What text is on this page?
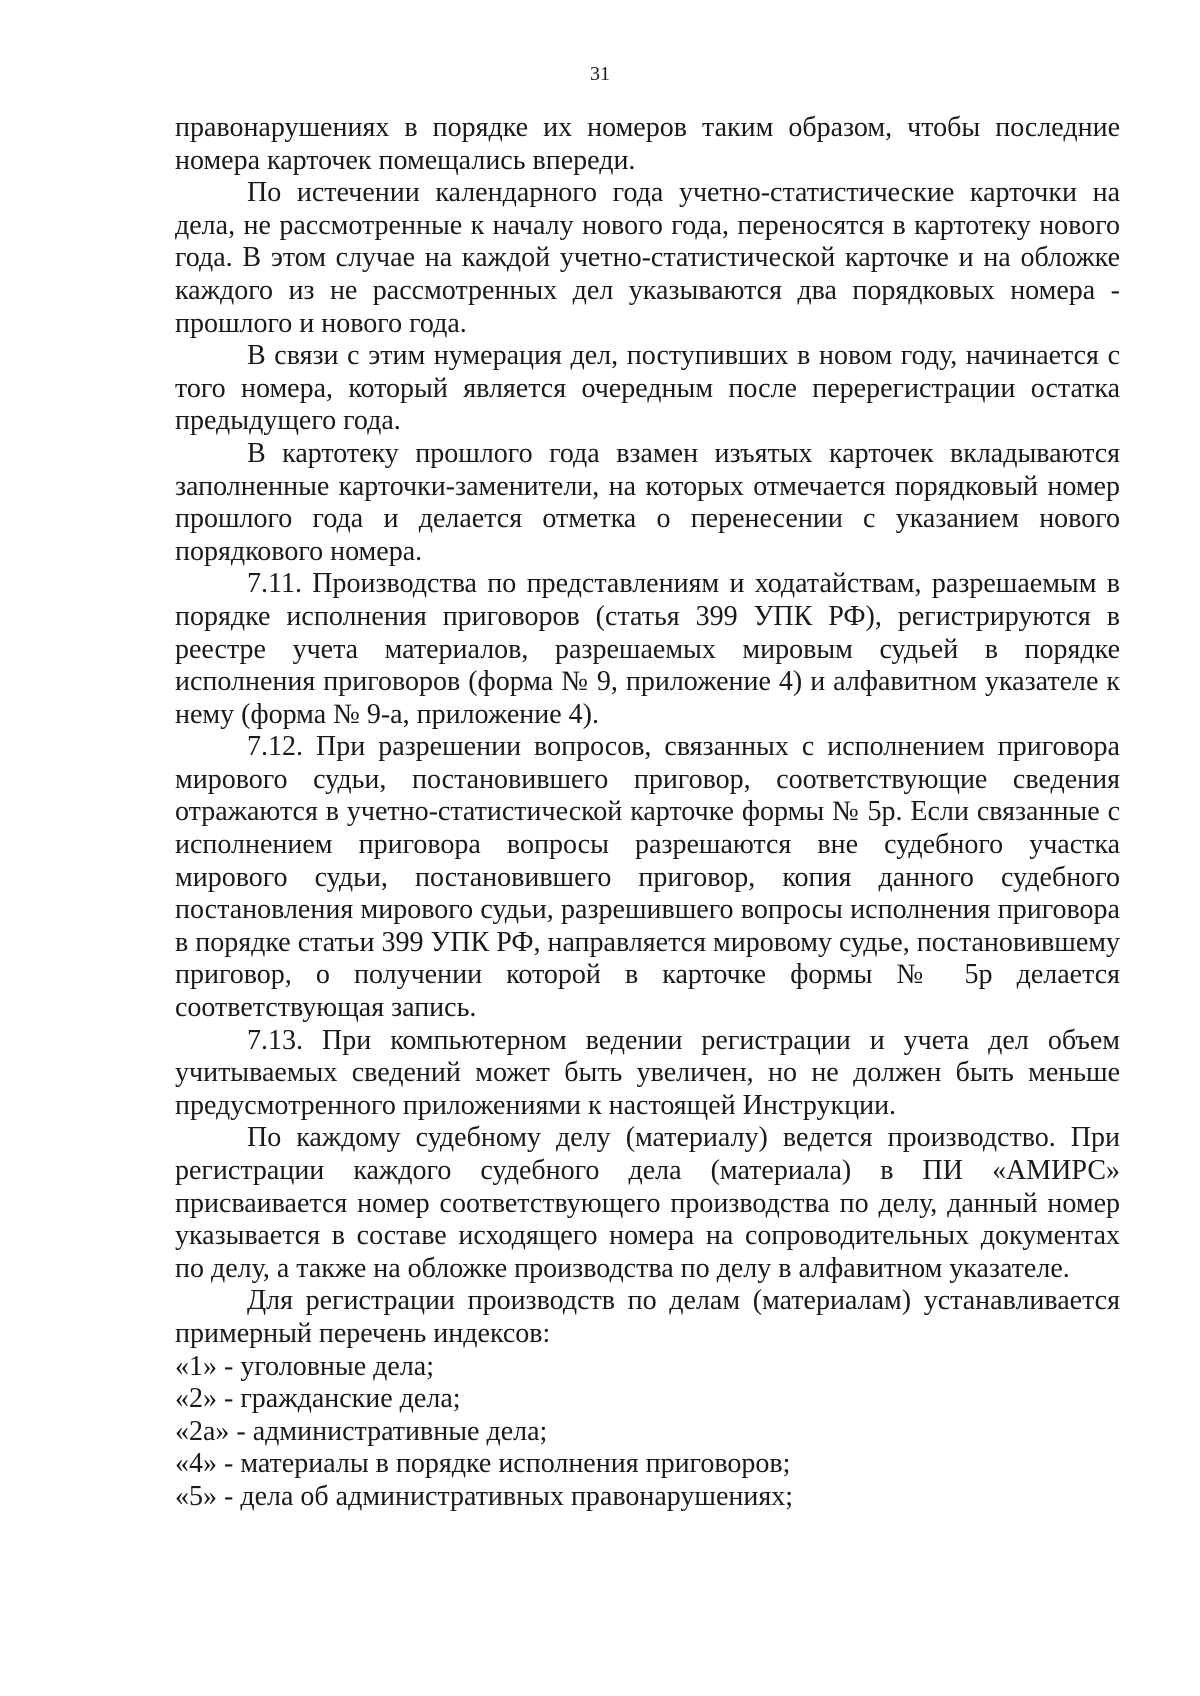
31

правонарушениях в порядке их номеров таким образом, чтобы последние номера карточек помещались впереди.

По истечении календарного года учетно-статистические карточки на дела, не рассмотренные к началу нового года, переносятся в картотеку нового года. В этом случае на каждой учетно-статистической карточке и на обложке каждого из не рассмотренных дел указываются два порядковых номера - прошлого и нового года.

В связи с этим нумерация дел, поступивших в новом году, начинается с того номера, который является очередным после перерегистрации остатка предыдущего года.

В картотеку прошлого года взамен изъятых карточек вкладываются заполненные карточки-заменители, на которых отмечается порядковый номер прошлого года и делается отметка о перенесении с указанием нового порядкового номера.

7.11. Производства по представлениям и ходатайствам, разрешаемым в порядке исполнения приговоров (статья 399 УПК РФ), регистрируются в реестре учета материалов, разрешаемых мировым судьей в порядке исполнения приговоров (форма № 9, приложение 4) и алфавитном указателе к нему (форма № 9-а, приложение 4).

7.12. При разрешении вопросов, связанных с исполнением приговора мирового судьи, постановившего приговор, соответствующие сведения отражаются в учетно-статистической карточке формы № 5р. Если связанные с исполнением приговора вопросы разрешаются вне судебного участка мирового судьи, постановившего приговор, копия данного судебного постановления мирового судьи, разрешившего вопросы исполнения приговора в порядке статьи 399 УПК РФ, направляется мировому судье, постановившему приговор, о получении которой в карточке формы № 5р делается соответствующая запись.

7.13. При компьютерном ведении регистрации и учета дел объем учитываемых сведений может быть увеличен, но не должен быть меньше предусмотренного приложениями к настоящей Инструкции.

По каждому судебному делу (материалу) ведется производство. При регистрации каждого судебного дела (материала) в ПИ «АМИРС» присваивается номер соответствующего производства по делу, данный номер указывается в составе исходящего номера на сопроводительных документах по делу, а также на обложке производства по делу в алфавитном указателе.

Для регистрации производств по делам (материалам) устанавливается примерный перечень индексов:

«1» - уголовные дела;
«2» - гражданские дела;
«2а» - административные дела;
«4» - материалы в порядке исполнения приговоров;
«5» - дела об административных правонарушениях;
